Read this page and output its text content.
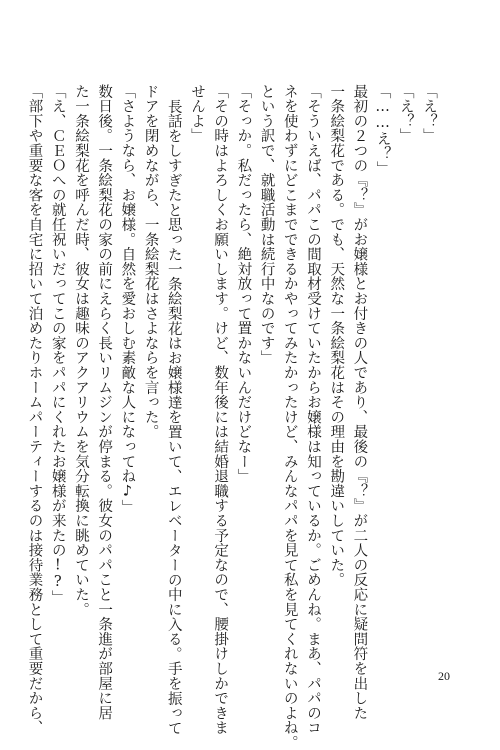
「え？」
「え？」
「……え？」
最初の２つの『？』がお嬢様とお付きの人であり、最後の『？』が二人の反応に疑問符を出した
一条絵梨花である。でも、天然な一条絵梨花はその理由を勘違いしていた。
「そういえば、パパこの間取材受けていたからお嬢様は知っているか。ごめんね。まあ、パパのコ
ネを使わずにどこまでできるかやってみたかったけど、みんなパパを見て私を見てくれないのよね。
という訳で、就職活動は続行中なのです」
「そっか。私だったら、絶対放って置かないんだけどなー」
「その時はよろしくお願いします。けど、数年後には結婚退職する予定なので、腰掛けしかできま
せんよ」
長話をしすぎたと思った一条絵梨花はお嬢様達を置いて、エレベーターの中に入る。手を振って
ドアを閉めながら、一条絵梨花はさよならを言った。
「さようなら、お嬢様。自然を愛おしむ素敵な人になってね♪」
数日後。一条絵梨花の家の前にえらく長いリムジンが停まる。彼女のパパこと一条進が部屋に居
た一条絵梨花を呼んだ時、彼女は趣味のアクアリウムを気分転換に眺めていた。
「え、ＣＥＯへの就任祝いだってこの家をパパにくれたお嬢様が来たの!?」
「部下や重要な客を自宅に招いて泊めたりホームパーティーするのは接待業務として重要だから、	20
